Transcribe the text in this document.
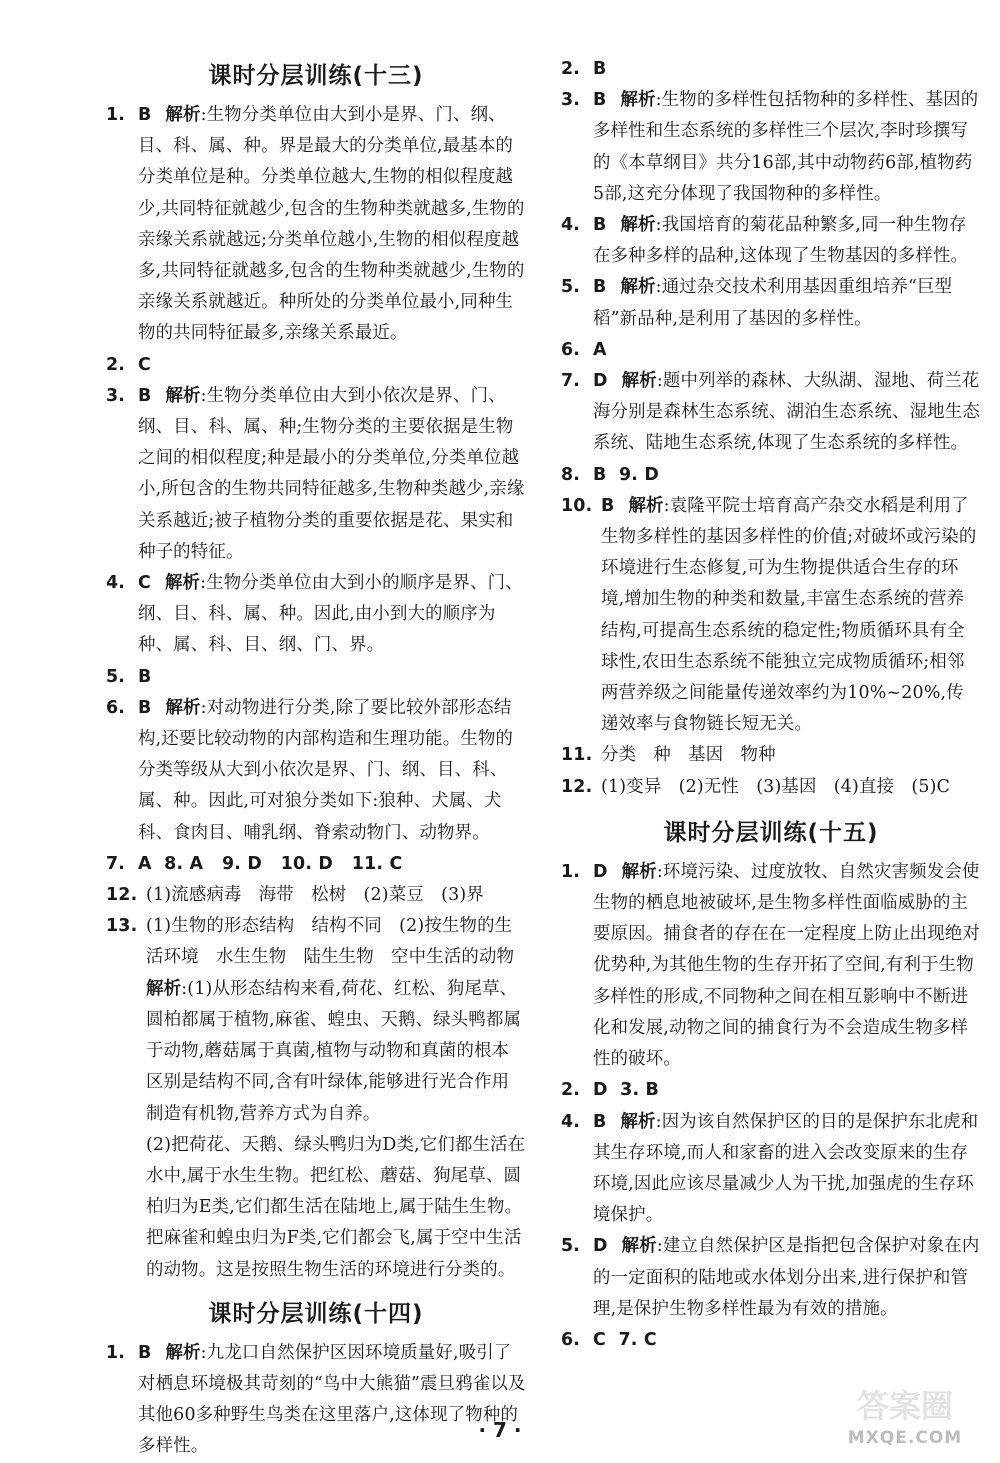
课时分层训练(十三)
1. B 解析:生物分类单位由大到小是界、门、纲、目、科、属、种。界是最大的分类单位,最基本的分类单位是种。分类单位越大,生物的相似程度越少,共同特征就越少,包含的生物种类就越多,生物的亲缘关系就越远;分类单位越小,生物的相似程度越多,共同特征就越多,包含的生物种类就越少,生物的亲缘关系就越近。种所处的分类单位最小,同种生物的共同特征最多,亲缘关系最近。
2. C
3. B 解析:生物分类单位由大到小依次是界、门、纲、目、科、属、种;生物分类的主要依据是生物之间的相似程度;种是最小的分类单位,分类单位越小,所包含的生物共同特征越多,生物种类越少,亲缘关系越近;被子植物分类的重要依据是花、果实和种子的特征。
4. C 解析:生物分类单位由大到小的顺序是界、门、纲、目、科、属、种。因此,由小到大的顺序为种、属、科、目、纲、门、界。
5. B
6. B 解析:对动物进行分类,除了要比较外部形态结构,还要比较动物的内部构造和生理功能。生物的分类等级从大到小依次是界、门、纲、目、科、属、种。因此,可对狼分类如下:狼种、犬属、犬科、食肉目、哺乳纲、脊索动物门、动物界。
7. A  8. A   9. D   10. D   11. C
12. (1)流感病毒   海带   松树   (2)菜豆   (3)界
13. (1)生物的形态结构   结构不同   (2)按生物的生活环境   水生生物   陆生生物   空中生活的动物
解析:(1)从形态结构来看,荷花、红松、狗尾草、圆柏都属于植物,麻雀、蝗虫、天鹅、绿头鸭都属于动物,蘑菇属于真菌,植物与动物和真菌的根本区别是结构不同,含有叶绿体,能够进行光合作用制造有机物,营养方式为自养。
(2)把荷花、天鹅、绿头鸭归为D类,它们都生活在水中,属于水生生物。把红松、蘑菇、狗尾草、圆柏归为E类,它们都生活在陆地上,属于陆生生物。把麻雀和蝗虫归为F类,它们都会飞,属于空中生活的动物。这是按照生物生活的环境进行分类的。
课时分层训练(十四)
1. B 解析:九龙口自然保护区因环境质量好,吸引了对栖息环境极其苛刻的“鸟中大熊猫”震旦鸦雀以及其他60多种野生鸟类在这里落户,这体现了物种的多样性。
2. B
3. B 解析:生物的多样性包括物种的多样性、基因的多样性和生态系统的多样性三个层次,李时珍撰写的《本草纲目》共分16部,其中动物药6部,植物药5部,这充分体现了我国物种的多样性。
4. B 解析:我国培育的菊花品种繁多,同一种生物存在多种多样的品种,这体现了生物基因的多样性。
5. B 解析:通过杂交技术利用基因重组培养“巨型稻”新品种,是利用了基因的多样性。
6. A
7. D 解析:题中列举的森林、大纵湖、湿地、荷兰花海分别是森林生态系统、湖泊生态系统、湿地生态系统、陆地生态系统,体现了生态系统的多样性。
8. B  9. D
10. B 解析:袁隆平院士培育高产杂交水稻是利用了生物多样性的基因多样性的价值;对破坏或污染的环境进行生态修复,可为生物提供适合生存的环境,增加生物的种类和数量,丰富生态系统的营养结构,可提高生态系统的稳定性;物质循环具有全球性,农田生态系统不能独立完成物质循环;相邻两营养级之间能量传递效率约为10%~20%,传递效率与食物链长短无关。
11. 分类   种   基因   物种
12. (1)变异   (2)无性   (3)基因   (4)直接   (5)C
课时分层训练(十五)
1. D 解析:环境污染、过度放牧、自然灾害频发会使生物的栖息地被破坏,是生物多样性面临威胁的主要原因。捕食者的存在在一定程度上防止出现绝对优势种,为其他生物的生存开拓了空间,有利于生物多样性的形成,不同物种之间在相互影响中不断进化和发展,动物之间的捕食行为不会造成生物多样性的破坏。
2. D  3. B
4. B 解析:因为该自然保护区的目的是保护东北虎和其生存环境,而人和家畜的进入会改变原来的生存环境,因此应该尽量减少人为干扰,加强虎的生存环境保护。
5. D 解析:建立自然保护区是指把包含保护对象在内的一定面积的陆地或水体划分出来,进行保护和管理,是保护生物多样性最为有效的措施。
6. C  7. C
· 7 ·
答案圈
MXQE.COM
